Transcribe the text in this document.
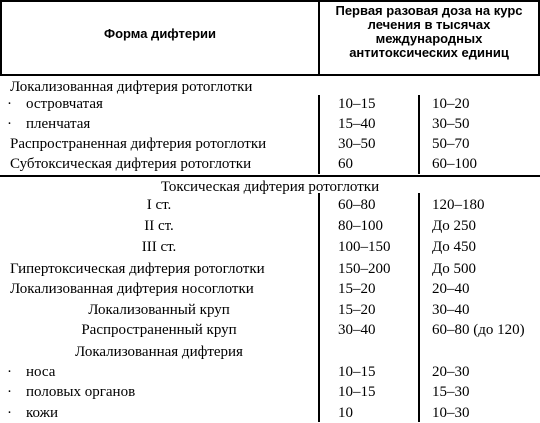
Форма дифтерии
Первая разовая доза на курс
лечения в тысячах
международных
антитоксических единиц
Локализованная дифтерия ротоглотки
· островчатая	10–15	10–20
· пленчатая	15–40	30–50
Распространенная дифтерия ротоглотки	30–50	50–70
Субтоксическая дифтерия ротоглотки	60	60–100
Токсическая дифтерия ротоглотки
I ст.	60–80	120–180
II ст.	80–100	До 250
III ст.	100–150	До 450
Гипертоксическая дифтерия ротоглотки	150–200	До 500
Локализованная дифтерия носоглотки	15–20	20–40
Локализованный круп	15–20	30–40
Распространенный круп	30–40	60–80 (до 120)
Локализованная дифтерия
· носа	10–15	20–30
· половых органов	10–15	15–30
· кожи	10	10–30
